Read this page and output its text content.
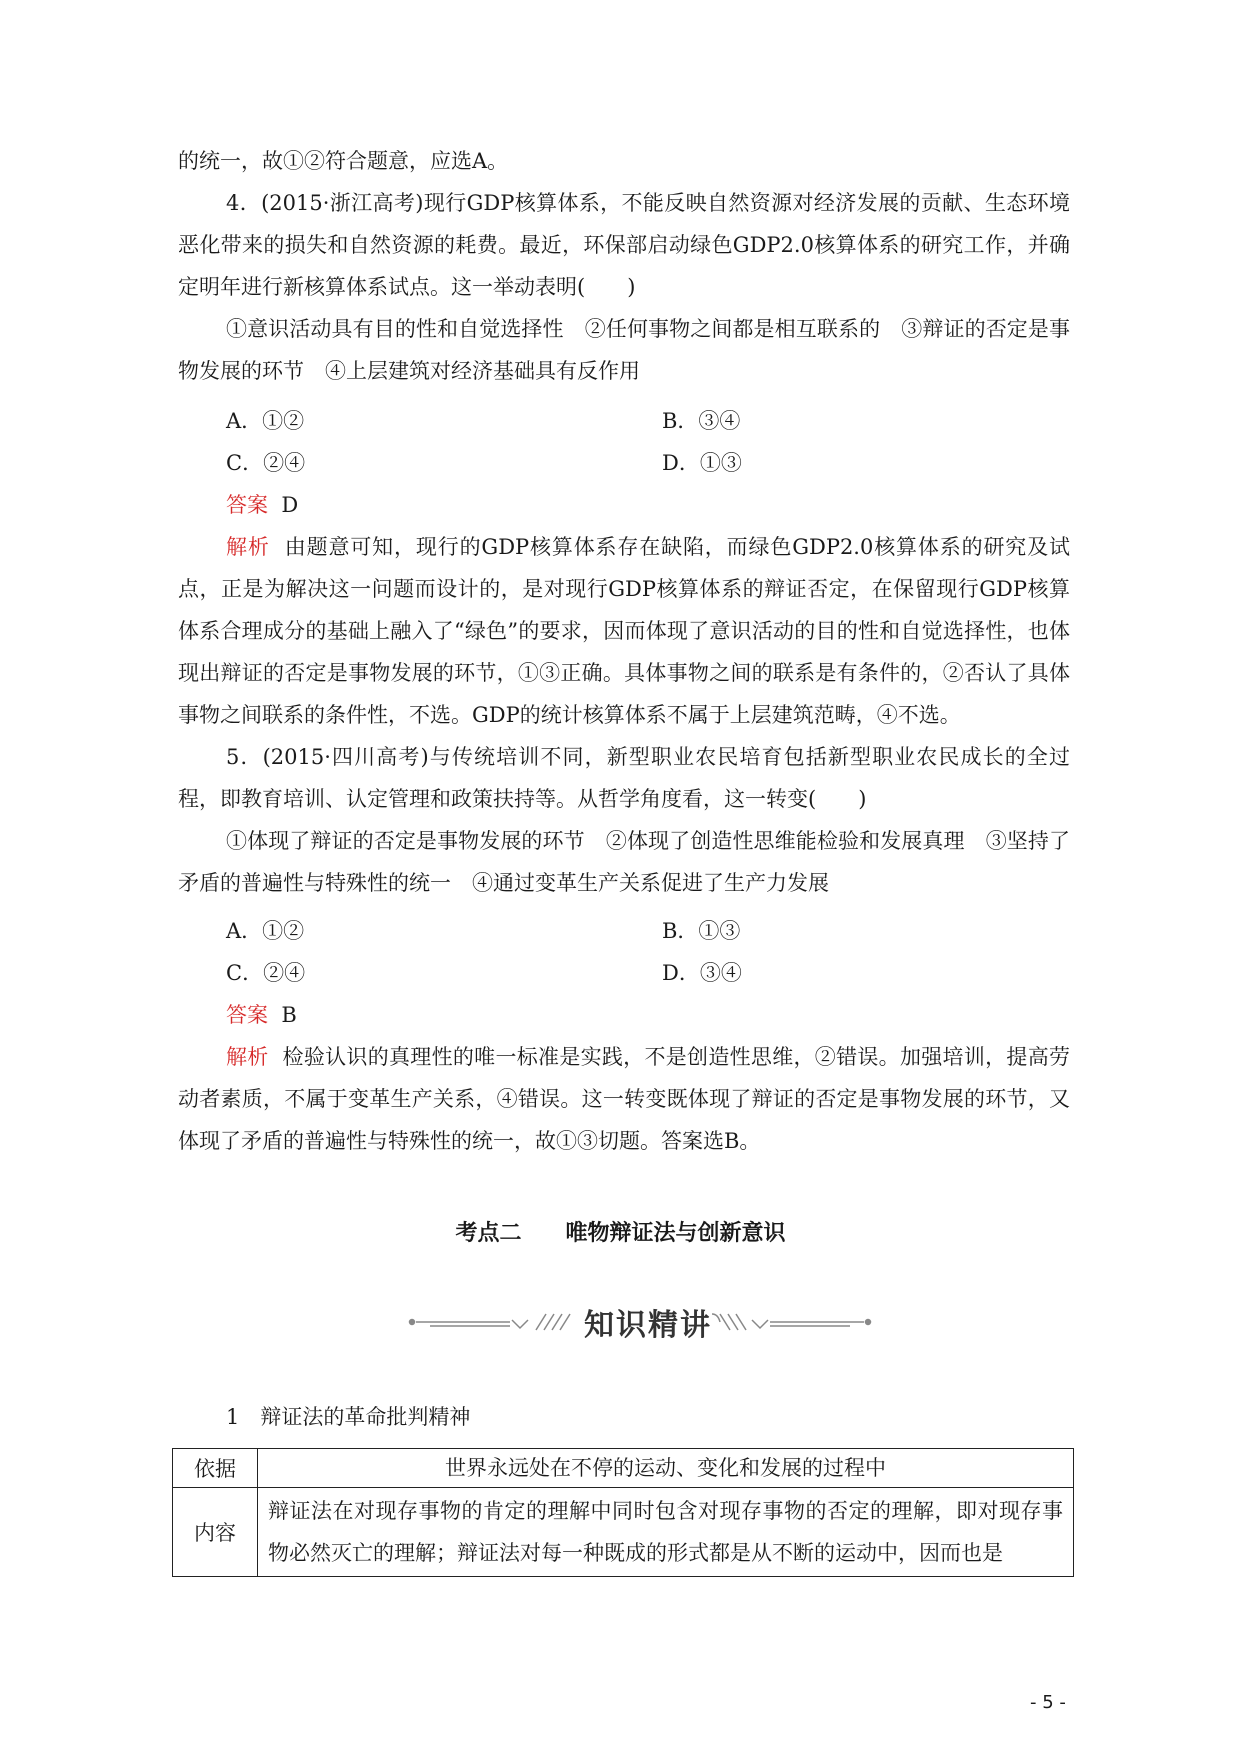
的统一，故①②符合题意，应选A。

4．(2015·浙江高考)现行GDP核算体系，不能反映自然资源对经济发展的贡献、生态环境恶化带来的损失和自然资源的耗费。最近，环保部启动绿色GDP2.0核算体系的研究工作，并确定明年进行新核算体系试点。这一举动表明(　　)

①意识活动具有目的性和自觉选择性　②任何事物之间都是相互联系的　③辩证的否定是事物发展的环节　④上层建筑对经济基础具有反作用

A．①②	B．③④
C．②④	D．①③
答案 D

解析 由题意可知，现行的GDP核算体系存在缺陷，而绿色GDP2.0核算体系的研究及试点，正是为解决这一问题而设计的，是对现行GDP核算体系的辩证否定，在保留现行GDP核算体系合理成分的基础上融入了“绿色”的要求，因而体现了意识活动的目的性和自觉选择性，也体现出辩证的否定是事物发展的环节，①③正确。具体事物之间的联系是有条件的，②否认了具体事物之间联系的条件性，不选。GDP的统计核算体系不属于上层建筑范畴，④不选。

5．(2015·四川高考)与传统培训不同，新型职业农民培育包括新型职业农民成长的全过程，即教育培训、认定管理和政策扶持等。从哲学角度看，这一转变(　　)

①体现了辩证的否定是事物发展的环节　②体现了创造性思维能检验和发展真理　③坚持了矛盾的普遍性与特殊性的统一　④通过变革生产关系促进了生产力发展

A．①②	B．①③
C．②④	D．③④
答案 B

解析 检验认识的真理性的唯一标准是实践，不是创造性思维，②错误。加强培训，提高劳动者素质，不属于变革生产关系，④错误。这一转变既体现了辩证的否定是事物发展的环节，又体现了矛盾的普遍性与特殊性的统一，故①③切题。答案选B。

考点二　　唯物辩证法与创新意识
知识精讲
1　辩证法的革命批判精神
依据	世界永远处在不停的运动、变化和发展的过程中
内容	辩证法在对现存事物的肯定的理解中同时包含对现存事物的否定的理解，即对现存事物必然灭亡的理解；辩证法对每一种既成的形式都是从不断的运动中，因而也是
- 5 -
